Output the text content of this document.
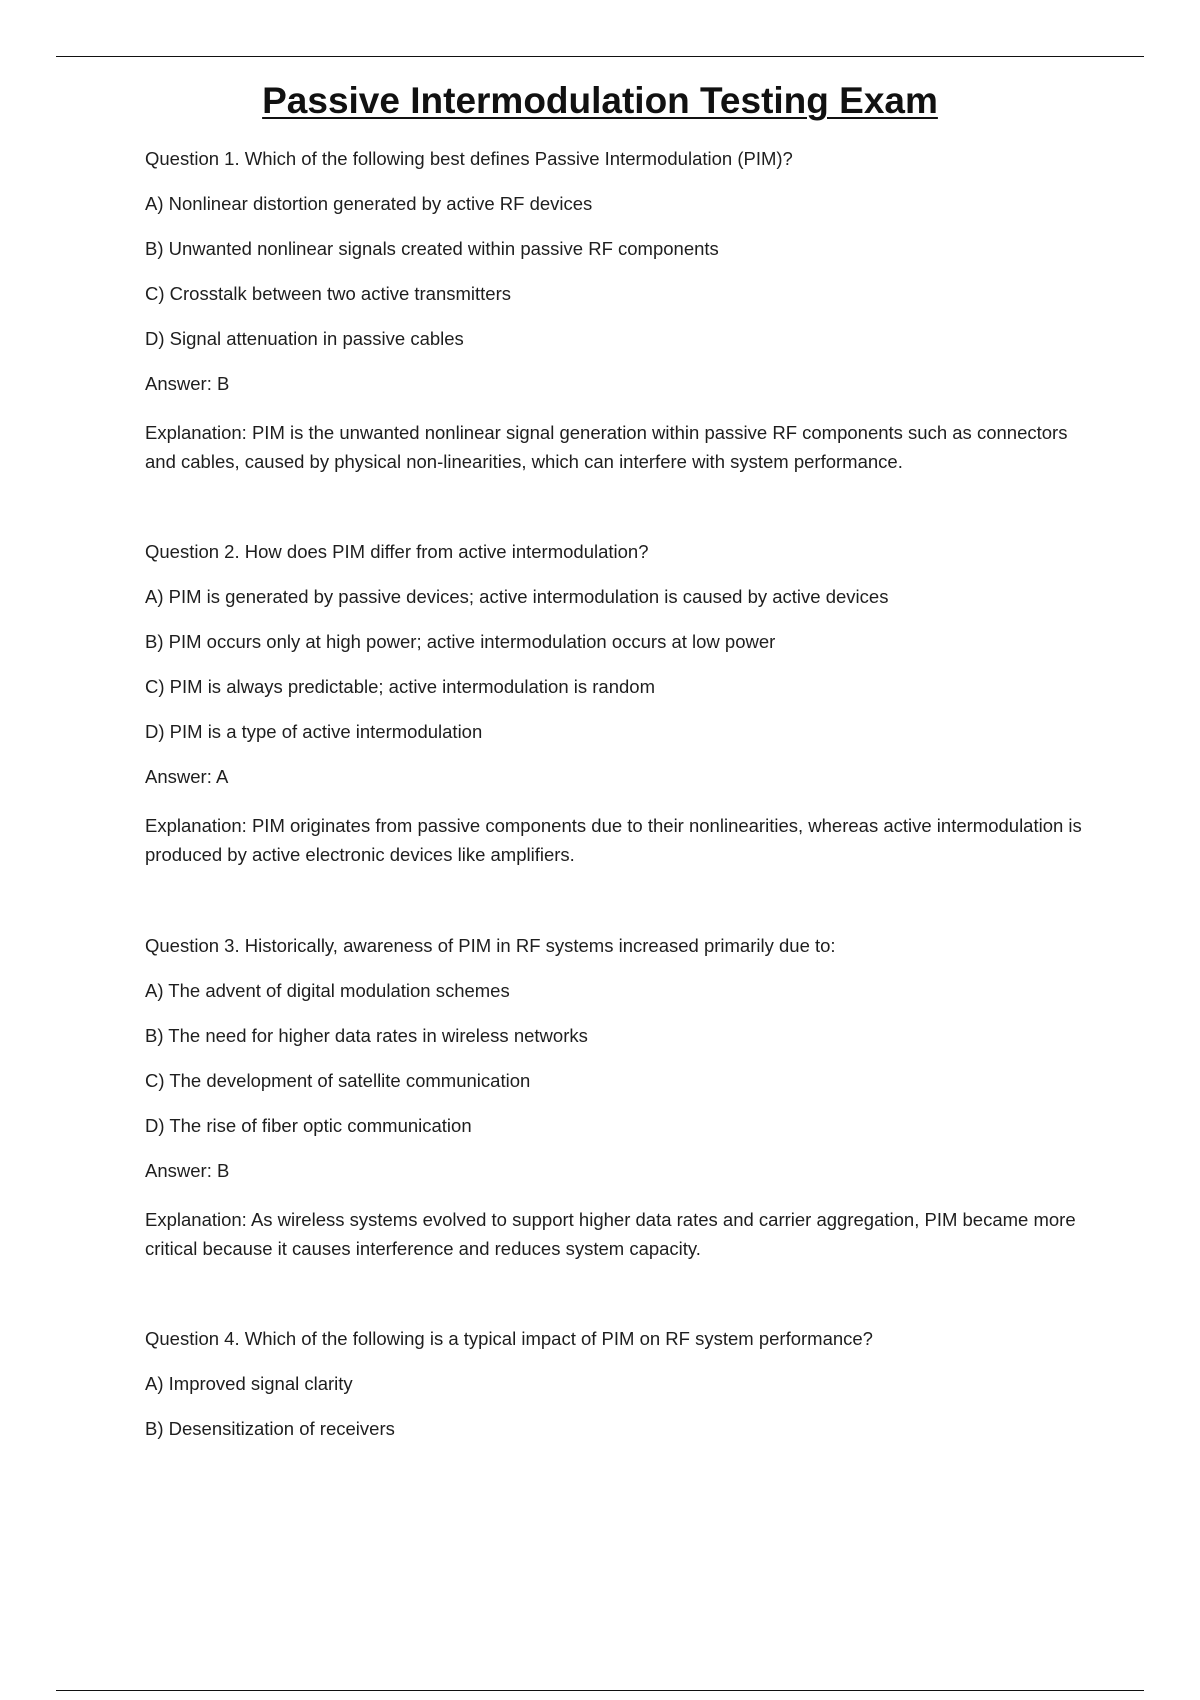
Passive Intermodulation Testing Exam
Question 1. Which of the following best defines Passive Intermodulation (PIM)?
A) Nonlinear distortion generated by active RF devices
B) Unwanted nonlinear signals created within passive RF components
C) Crosstalk between two active transmitters
D) Signal attenuation in passive cables
Answer: B

Explanation: PIM is the unwanted nonlinear signal generation within passive RF components such as connectors and cables, caused by physical non-linearities, which can interfere with system performance.

Question 2. How does PIM differ from active intermodulation?
A) PIM is generated by passive devices; active intermodulation is caused by active devices
B) PIM occurs only at high power; active intermodulation occurs at low power
C) PIM is always predictable; active intermodulation is random
D) PIM is a type of active intermodulation
Answer: A

Explanation: PIM originates from passive components due to their nonlinearities, whereas active intermodulation is produced by active electronic devices like amplifiers.

Question 3. Historically, awareness of PIM in RF systems increased primarily due to:
A) The advent of digital modulation schemes
B) The need for higher data rates in wireless networks
C) The development of satellite communication
D) The rise of fiber optic communication
Answer: B

Explanation: As wireless systems evolved to support higher data rates and carrier aggregation, PIM became more critical because it causes interference and reduces system capacity.

Question 4. Which of the following is a typical impact of PIM on RF system performance?
A) Improved signal clarity
B) Desensitization of receivers
